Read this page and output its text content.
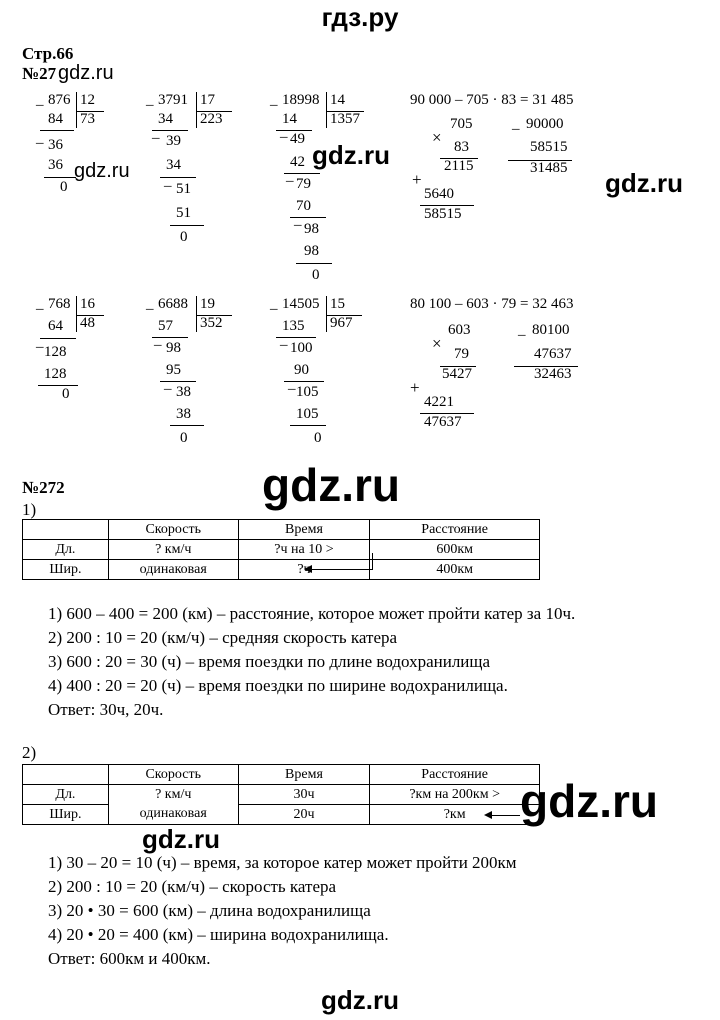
гдз.ру
Стр.66
№27 gdz.ru
_ 876 12
73
84
_ 36
36
0
gdz.ru
_ 3791 17
223
34
_ 39
34
_ 51
51
0
_ 18998 14
1357
14
_ 49
42
_ 79
70
_
98
98
0
gdz.ru
90 000 – 705 · 83 = 31 485
705
× 83
2115
+
5640
58515
_ 90000
58515
31485 gdz.ru
_ 768 16
48
64
_
128
128
0
_ 6688 19
352
57
_ 98
95
_ 38
38
0
_ 14505 15
967
135
_ 100
90
_ 105
105
0
80 100 – 603 · 79 = 32 463
603
×
79
5427
+
4221
47637
_ 80100
47637
32463
№272	gdz.ru
1)
	Скорость	Время	Расстояние
Дл.	? км/ч	?ч на 10 >	600км
Шир.	одинаковая	?ч	400км
1) 600 – 400 = 200 (км) – расстояние, которое может пройти катер за 10ч.
2) 200 : 10 = 20 (км/ч) – средняя скорость катера
3) 600 : 20 = 30 (ч) – время поездки по длине водохранилища
4) 400 : 20 = 20 (ч) – время поездки по ширине водохранилища.
Ответ: 30ч, 20ч.
2)
	Скорость	Время	Расстояние
Дл.	? км/ч	30ч	?км на 200км >
Шир.	одинаковая	20ч	?км gdz.ru
gdz.ru
1) 30 – 20 = 10 (ч) – время, за которое катер может пройти 200км
2) 200 : 10 = 20 (км/ч) – скорость катера
3) 20 • 30 = 600 (км) – длина водохранилища
4) 20 • 20 = 400 (км) – ширина водохранилища.
Ответ: 600км и 400км.
gdz.ru
